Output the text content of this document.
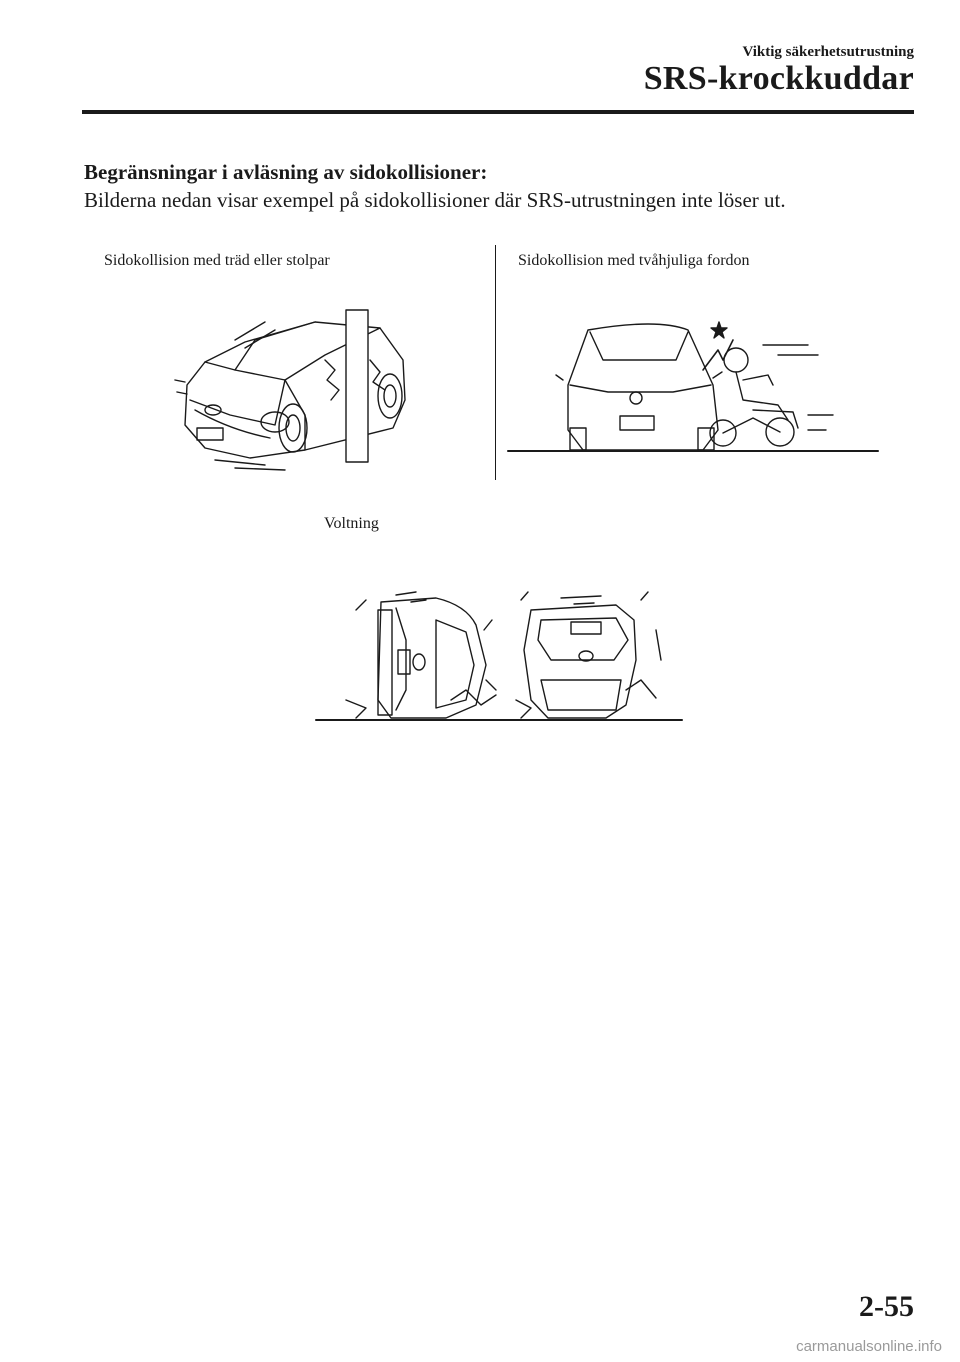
Viktig säkerhetsutrustning
SRS-krockkuddar
Begränsningar i avläsning av sidokollisioner:
Bilderna nedan visar exempel på sidokollisioner där SRS-utrustningen inte löser ut.
Sidokollision med träd eller stolpar	Sidokollision med tvåhjuliga fordon
Voltning
2-55
carmanualsonline.info
